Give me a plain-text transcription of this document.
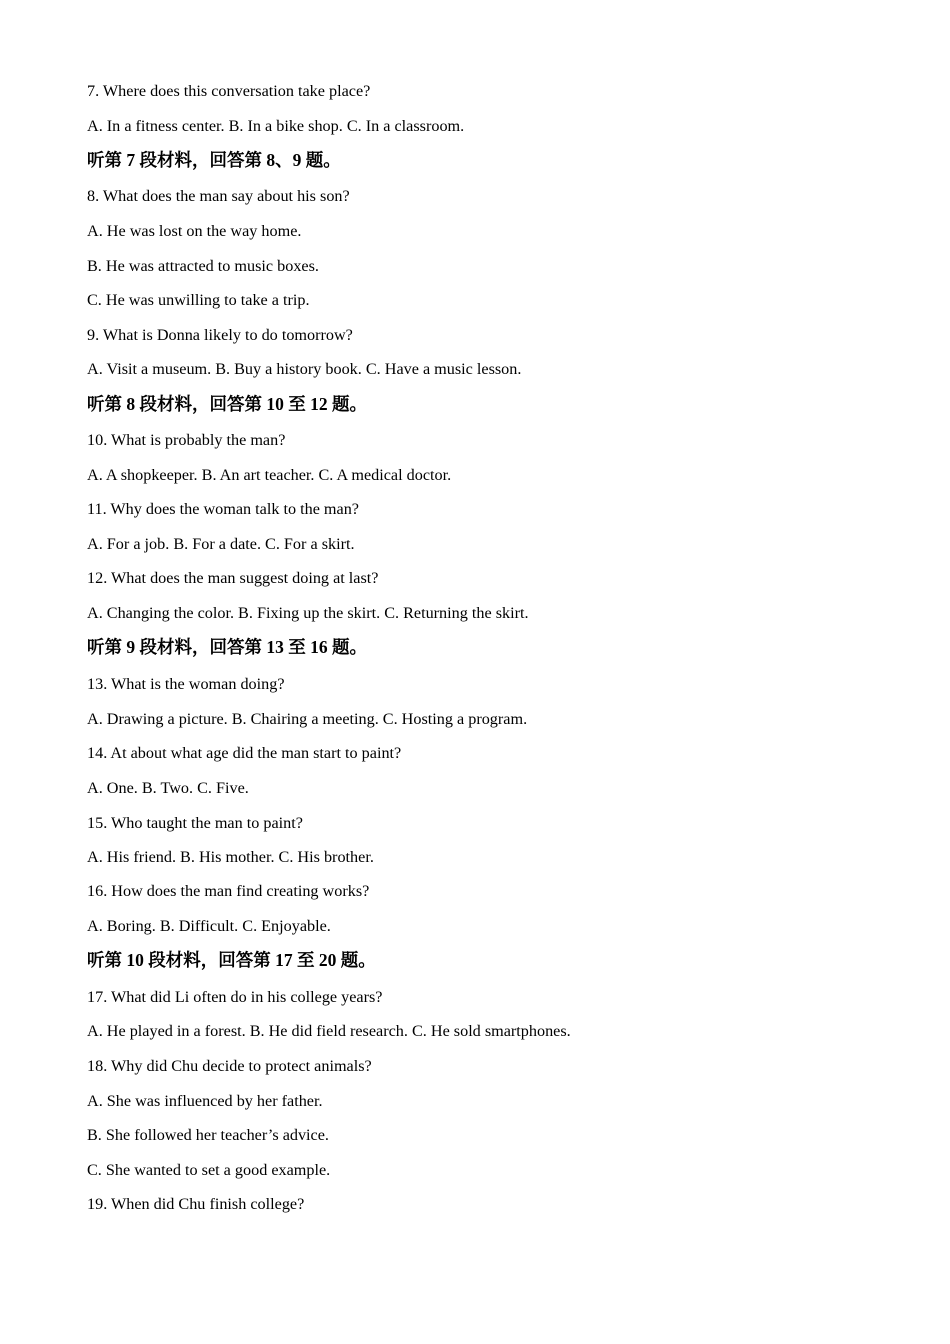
7. Where does this conversation take place?
A. In a fitness center. B. In a bike shop. C. In a classroom.
听第 7 段材料，回答第 8、9 题。
8. What does the man say about his son?
A. He was lost on the way home.
B. He was attracted to music boxes.
C. He was unwilling to take a trip.
9. What is Donna likely to do tomorrow?
A. Visit a museum. B. Buy a history book. C. Have a music lesson.
听第 8 段材料，回答第 10 至 12 题。
10. What is probably the man?
A. A shopkeeper. B. An art teacher. C. A medical doctor.
11. Why does the woman talk to the man?
A. For a job. B. For a date. C. For a skirt.
12. What does the man suggest doing at last?
A. Changing the color. B. Fixing up the skirt. C. Returning the skirt.
听第 9 段材料，回答第 13 至 16 题。
13. What is the woman doing?
A. Drawing a picture. B. Chairing a meeting. C. Hosting a program.
14. At about what age did the man start to paint?
A. One. B. Two. C. Five.
15. Who taught the man to paint?
A. His friend. B. His mother. C. His brother.
16. How does the man find creating works?
A. Boring. B. Difficult. C. Enjoyable.
听第 10 段材料，回答第 17 至 20 题。
17. What did Li often do in his college years?
A. He played in a forest. B. He did field research. C. He sold smartphones.
18. Why did Chu decide to protect animals?
A. She was influenced by her father.
B. She followed her teacher’s advice.
C. She wanted to set a good example.
19. When did Chu finish college?
